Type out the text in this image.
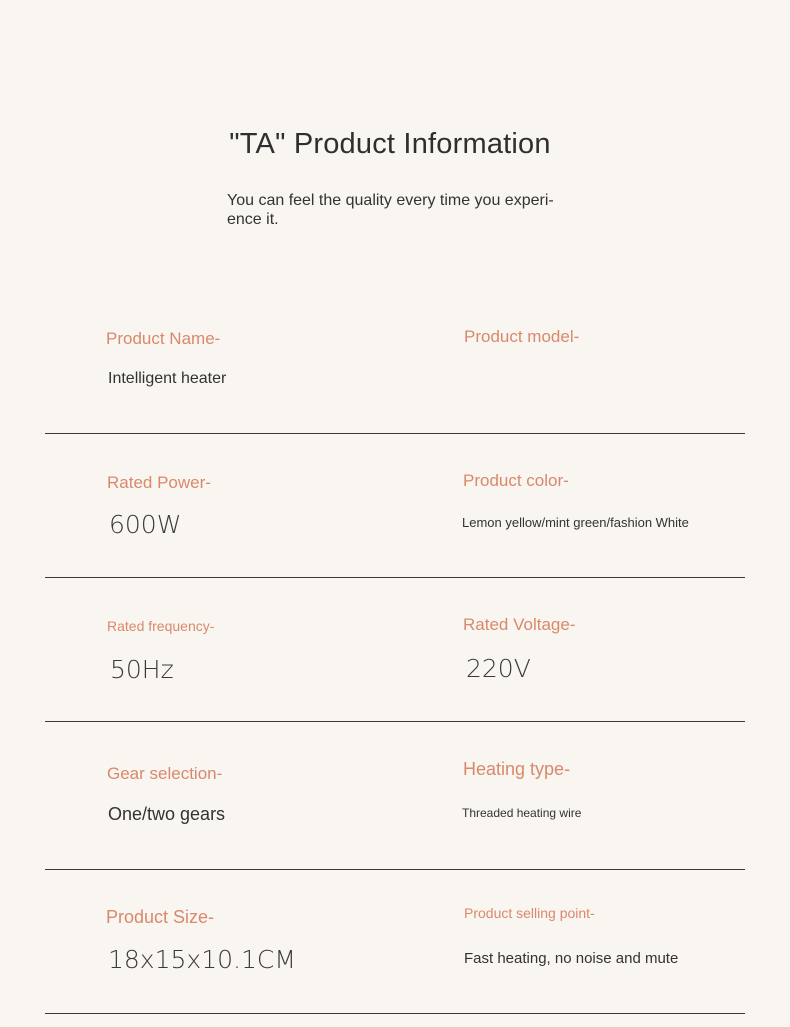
"TA" Product Information
You can feel the quality every time you experi-
ence it.
Product Name-
Intelligent heater
Product model-
Rated Power-
600W
Product color-
Lemon yellow/mint green/fashion White
Rated frequency-
50Hz
Rated Voltage-
220V
Gear selection-
One/two gears
Heating type-
Threaded heating wire
Product Size-
18x15x10.1CM
Product selling point-
Fast heating, no noise and mute
